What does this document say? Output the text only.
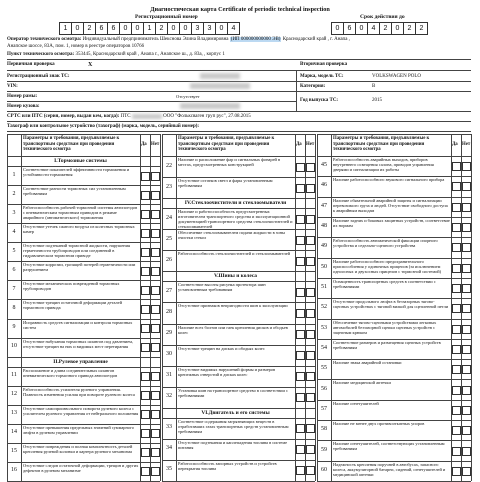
Диагностическая карта Certificate of periodic technical inspection
Регистрационный номер	Срок действия до
1	0	2	6	6	0	0	1	2	0	0	3	3	0	4	0	6	0	4	2	0	2	2
Оператор технического осмотра: Индивидуальный предприниматель Шекснова Элина Владимировна (ИП 000000000000 ЭВ) Краснодарский край , г. Анапа ,
Анапское шоссе, 83А, пом. 1, номер в реестре операторов 10766
Пункт технического осмотра: 353445, Краснодарский край , Анапа г., Анапское ш., д. 83а, , корпус 1
Первичная проверка	X	Вторичная проверка
Регистрационный знак ТС:
	Марка, модель ТС:	VOLKSWAGEN POLO
VIN:
	Категория:	B
Номер рамы:	Отсутствует
Год выпуска ТС:	2015
Номер кузова:

СРТС или ПТС (серия, номер, выдан кем, когда): ПТС  00000000000  ООО "Фольксваген груп рус", 27.08.2015
Тахограф или контрольное устройство (тахограф) (марка, модель, серийный номер):
Параметры и требования, предъявляемые к транспортным средствам при проведении технического осмотра
Да Нет
I.Тормозные системы
1
Соответствие показателей эффективности торможения и устойчивости торможения
2
Соответствие разности тормозных сил установленным требованиям
3
Работоспособность рабочей тормозной системы автопоездов с пневматическим тормозным приводом в режиме аварийного (автоматического) торможения
4
Отсутствие утечек сжатого воздуха из колесных тормозных камер
5
Отсутствие подтеканий тормозной жидкости, нарушения герметичности трубопроводов или соединений в гидравлическом тормозном приводе
6
Отсутствие коррозии, грозящей потерей герметичности или разрушением
7
Отсутствие механических повреждений тормозных трубопроводов
8
Отсутствие трещин остаточной деформации деталей тормозного привода
9
Исправность средств сигнализации и контроля тормозных систем
10
Отсутствие набухания тормозных шлангов под давлением, отсутствие трещин на них и видимых мест перетирания
II.Рулевое управление
11
Расположение и длина соединительных шлангов пневматического тормозного привода автопоездов
12
Работоспособность усилителя рулевого управления. Плавность изменения усилия при повороте рулевого колеса
13
Отсутствие самопроизвольного поворота рулевого колеса с усилителем рулевого управления от нейтрального положения
14
Отсутствие превышения предельных значений суммарного люфта в рулевом управлении
15
Отсутствие повреждения и полная комплектность деталей крепления рулевой колонки и картера рулевого механизма
16
Отсутствие следов остаточной деформации, трещин и других дефектов в рулевом механизме
Параметры и требования, предъявляемые к транспортным средствам при проведении технического осмотра
Да Нет
22
Наличие и расположение фар и сигнальных фонарей в местах, предусмотренных конструкцией
23
Отсутствие остатков светл и фары установленным требованиям
IV.Стеклоочистители и стеклоомыватели
24
Наличие и работоспособность предусмотренных изготовителем транспортного средства и эксплуатационной документацией транспортного средства стеклоочистителей и стеклоомывателей
25
Обеспечение стеклоомывателем подачи жидкости в зоны очистки стекол
26
Работоспособность стеклоочистителей и стеклоомывателей
V.Шины и колеса
27
Соответствие высоты рисунка протектора шин установленным требованиям
28
Отсутствие признаков непригодности шин к эксплуатации
29
Наличие всех болтов или гаек крепления дисков и ободьев колес
30
Отсутствие трещин на дисках и ободьях колес
31
Отсутствие видимых нарушений формы и размеров крепежных отверстий в дисках колес
32
Установка шин на транспортное средство в соответствии с требованиями
VI.Двигатель и его системы
33
Соответствие содержания загрязняющих веществ в отработавших газах транспортных средств установленным требованиям
34
Отсутствие подтекания и каплепадения топлива в системе питания
35
Работоспособность запорных устройств и устройств перекрытия топлива
Параметры и требования, предъявляемые к транспортным средствам при проведении технического осмотра
Да Нет
45
Работоспособность аварийных выходов, приборов внутреннего освещения салона, приводов управления дверями и сигнализации их работы
46
Наличие работоспособного звукового сигнального прибора
47
Наличие обязательной аварийной защиты и сигнализации перевозимого груза и людей. Отсутствие свободного доступа к аварийным выходам
48
Наличие задних и боковых защитных устройств, соответствие их нормам
49
Работоспособность автоматической фиксации опорного устройства и седельно-сцепного устройства
50
Наличие работоспособного предохранительного приспособления у одиночных прицепов (за исключением одноосных и двухосных прицепов с тормозной системой)
51
Оснащенность транспортных средств в соответствии с требованиями
52
Отсутствие продольного люфта в беззазорных тягово-сцепных устройствах с тяговой вилкой для сцепленной петли
53
Обеспечение тягово-сцепными устройствами легковых автомобилей беззазорной сцепки сцепных устройств с зацепным крюком
54
Соответствие размеров и размещения сцепных устройств требованиям
55
Наличие знака аварийной остановки
56
Наличие медицинской аптечки
57
Наличие огнетушителей
58
Наличие не менее двух противооткатных упоров
59
Наличие огнетушителей, соответствующих установленным требованиям
60
Надежность крепления поручней в автобусах, запасного колеса, аккумуляторной батареи, сидений, огнетушителей и медицинской аптечки
